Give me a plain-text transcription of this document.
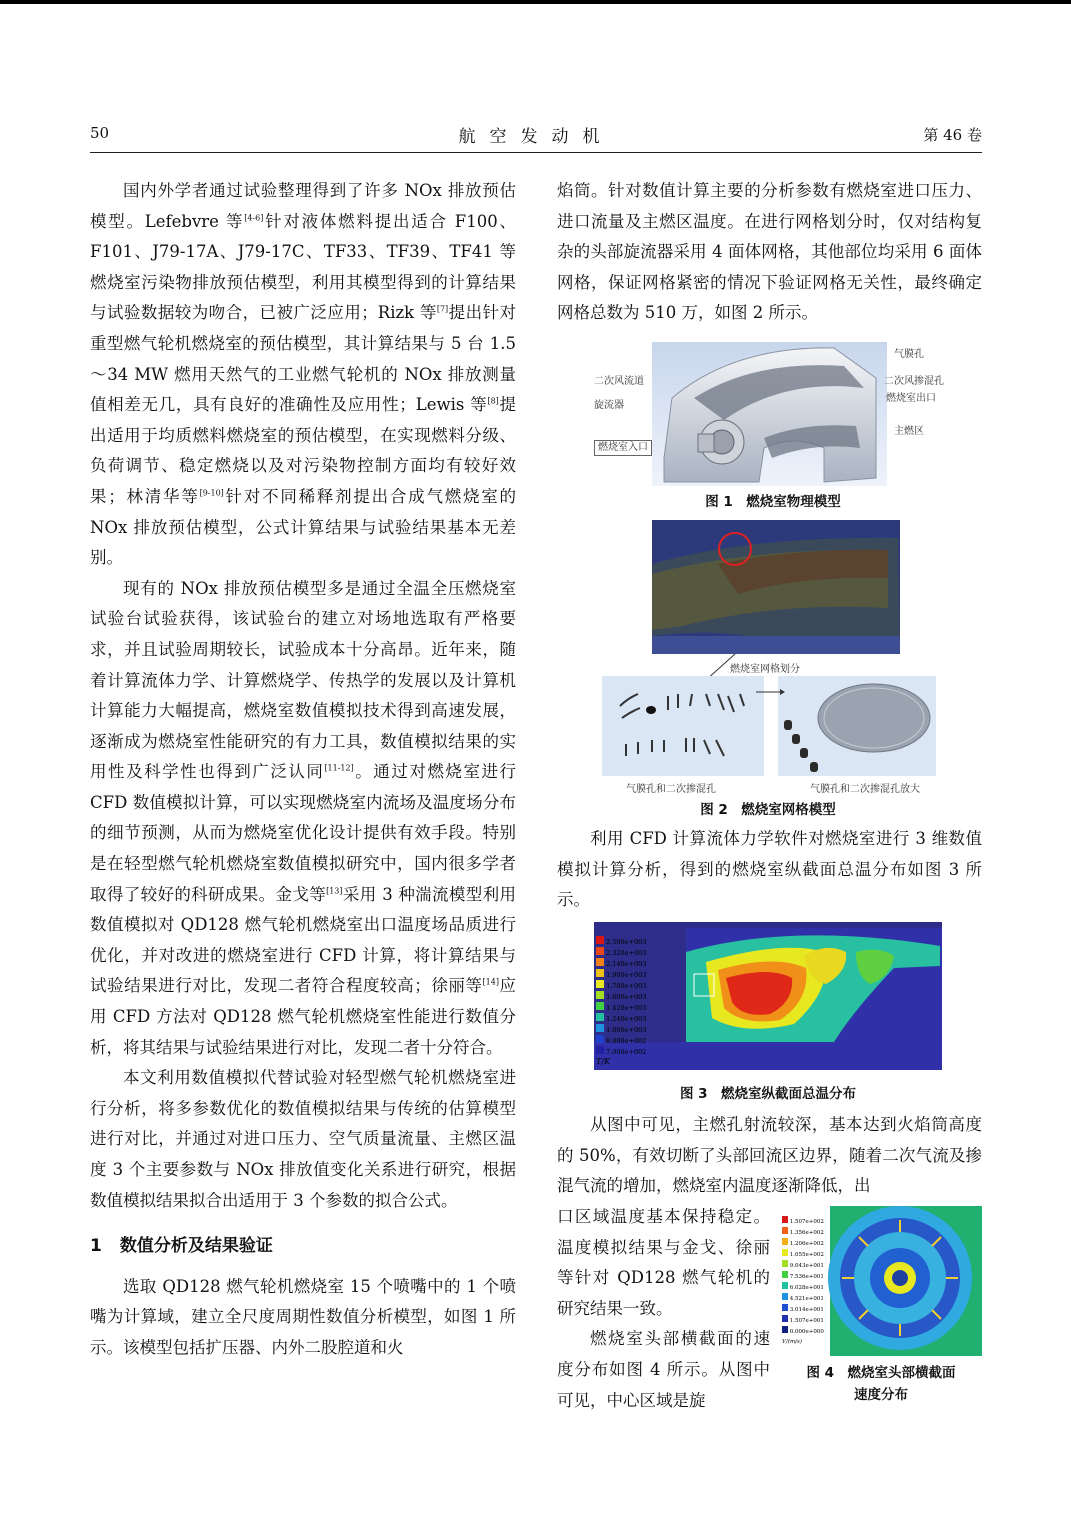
50	航空发动机	第 46 卷

国内外学者通过试验整理得到了许多 NOx 排放预估模型。Lefebvre 等[4-6]针对液体燃料提出适合 F100、F101、J79-17A、J79-17C、TF33、TF39、TF41 等燃烧室污染物排放预估模型，利用其模型得到的计算结果与试验数据较为吻合，已被广泛应用；Rizk 等[7]提出针对重型燃气轮机燃烧室的预估模型，其计算结果与 5 台 1.5～34 MW 燃用天然气的工业燃气轮机的 NOx 排放测量值相差无几，具有良好的准确性及应用性；Lewis 等[8]提出适用于均质燃料燃烧室的预估模型，在实现燃料分级、负荷调节、稳定燃烧以及对污染物控制方面均有较好效果；林清华等[9-10]针对不同稀释剂提出合成气燃烧室的 NOx 排放预估模型，公式计算结果与试验结果基本无差别。

现有的 NOx 排放预估模型多是通过全温全压燃烧室试验台试验获得，该试验台的建立对场地选取有严格要求，并且试验周期较长，试验成本十分高昂。近年来，随着计算流体力学、计算燃烧学、传热学的发展以及计算机计算能力大幅提高，燃烧室数值模拟技术得到高速发展，逐渐成为燃烧室性能研究的有力工具，数值模拟结果的实用性及科学性也得到广泛认同[11-12]。通过对燃烧室进行 CFD 数值模拟计算，可以实现燃烧室内流场及温度场分布的细节预测，从而为燃烧室优化设计提供有效手段。特别是在轻型燃气轮机燃烧室数值模拟研究中，国内很多学者取得了较好的科研成果。金戈等[13]采用 3 种湍流模型利用数值模拟对 QD128 燃气轮机燃烧室出口温度场品质进行优化，并对改进的燃烧室进行 CFD 计算，将计算结果与试验结果进行对比，发现二者符合程度较高；徐丽等[14]应用 CFD 方法对 QD128 燃气轮机燃烧室性能进行数值分析，将其结果与试验结果进行对比，发现二者十分符合。

本文利用数值模拟代替试验对轻型燃气轮机燃烧室进行分析，将多参数优化的数值模拟结果与传统的估算模型进行对比，并通过对进口压力、空气质量流量、主燃区温度 3 个主要参数与 NOx 排放值变化关系进行研究，根据数值模拟结果拟合出适用于 3 个参数的拟合公式。

1 数值分析及结果验证

选取 QD128 燃气轮机燃烧室 15 个喷嘴中的 1 个喷嘴为计算域，建立全尺度周期性数值分析模型，如图 1 所示。该模型包括扩压器、内外二股腔道和火

焰筒。针对数值计算主要的分析参数有燃烧室进口压力、进口流量及主燃区温度。在进行网格划分时，仅对结构复杂的头部旋流器采用 4 面体网格，其他部位均采用 6 面体网格，保证网格紧密的情况下验证网格无关性，最终确定网格总数为 510 万，如图 2 所示。

二次风流道
旋流器
燃烧室入口
气膜孔
二次风掺混孔
燃烧室出口
主燃区
图 1　燃烧室物理模型
燃烧室网格划分
气膜孔和二次掺混孔	气膜孔和二次掺混孔放大
图 2　燃烧室网格模型

利用 CFD 计算流体力学软件对燃烧室进行 3 维数值模拟计算分析，得到的燃烧室纵截面总温分布如图 3 所示。

2.500e+003
2.320e+003
2.140e+003
1.960e+003
1.780e+003
1.600e+003
1.420e+003
1.240e+003
1.060e+003
8.800e+002
7.000e+002
T/K
图 3　燃烧室纵截面总温分布

从图中可见，主燃孔射流较深，基本达到火焰筒高度的 50%，有效切断了头部回流区边界，随着二次气流及掺混气流的增加，燃烧室内温度逐渐降低，出

口区域温度基本保持稳定。温度模拟结果与金戈、徐丽等针对 QD128 燃气轮机的研究结果一致。

燃烧室头部横截面的速度分布如图 4 所示。从图中可见，中心区域是旋

1.507e+002
1.356e+002
1.206e+002
1.055e+002
9.043e+001
7.536e+001
6.028e+001
4.521e+001
3.014e+001
1.507e+001
0.000e+000
V/(m/s)
图 4　燃烧室头部横截面
速度分布
